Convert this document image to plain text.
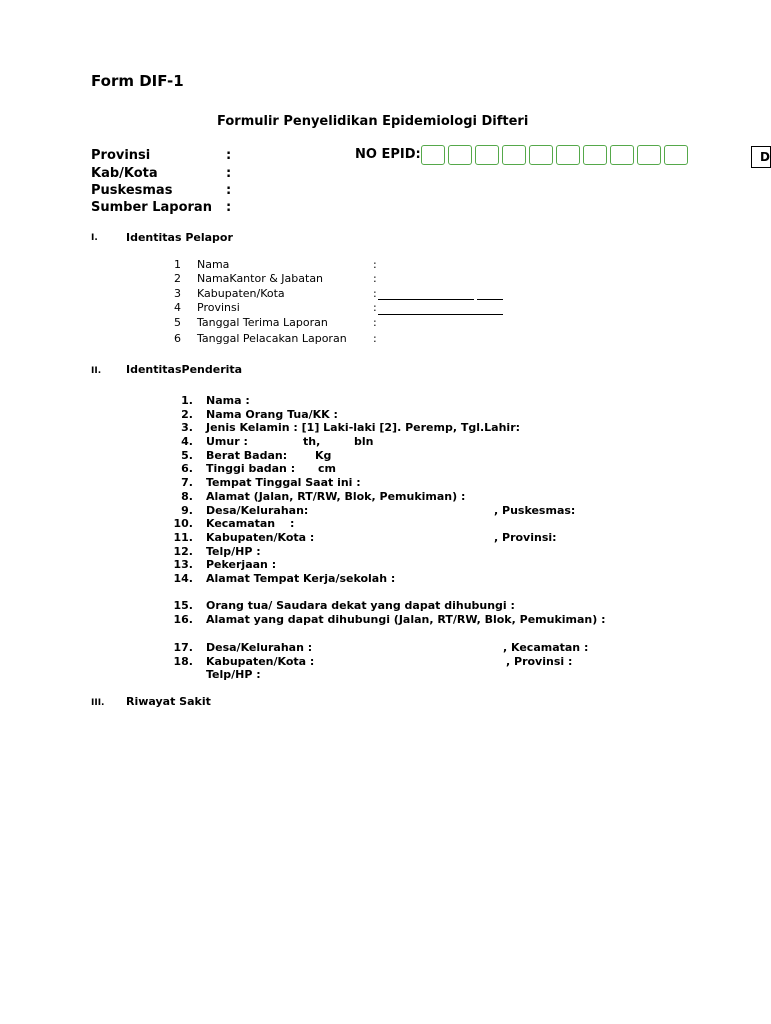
Form DIF-1
Formulir Penyelidikan Epidemiologi Difteri
Provinsi	:
Kab/Kota	:
Puskesmas	:
Sumber Laporan :
NO EPID:	D
I.	Identitas Pelapor
1 Nama	:
2 NamaKantor & Jabatan	:
3 Kabupaten/Kota	:
4 Provinsi	:
5 Tanggal Terima Laporan	:
6 Tanggal Pelacakan Laporan :
II. IdentitasPenderita
1. Nama :
2. Nama Orang Tua/KK :
3. Jenis Kelamin : [1] Laki-laki [2]. Peremp, Tgl.Lahir:
4. Umur :	th,	bln
5. Berat Badan:	Kg
6. Tinggi badan : cm
7. Tempat Tinggal Saat ini :
8. Alamat (Jalan, RT/RW, Blok, Pemukiman) :
9. Desa/Kelurahan:	, Puskesmas:
10. Kecamatan :
11. Kabupaten/Kota :	, Provinsi:
12. Telp/HP :
13. Pekerjaan :
14. Alamat Tempat Kerja/sekolah :
15. Orang tua/ Saudara dekat yang dapat dihubungi :
16. Alamat yang dapat dihubungi (Jalan, RT/RW, Blok, Pemukiman) :
17. Desa/Kelurahan :	, Kecamatan :
18. Kabupaten/Kota :	, Provinsi :
Telp/HP :
III. Riwayat Sakit
